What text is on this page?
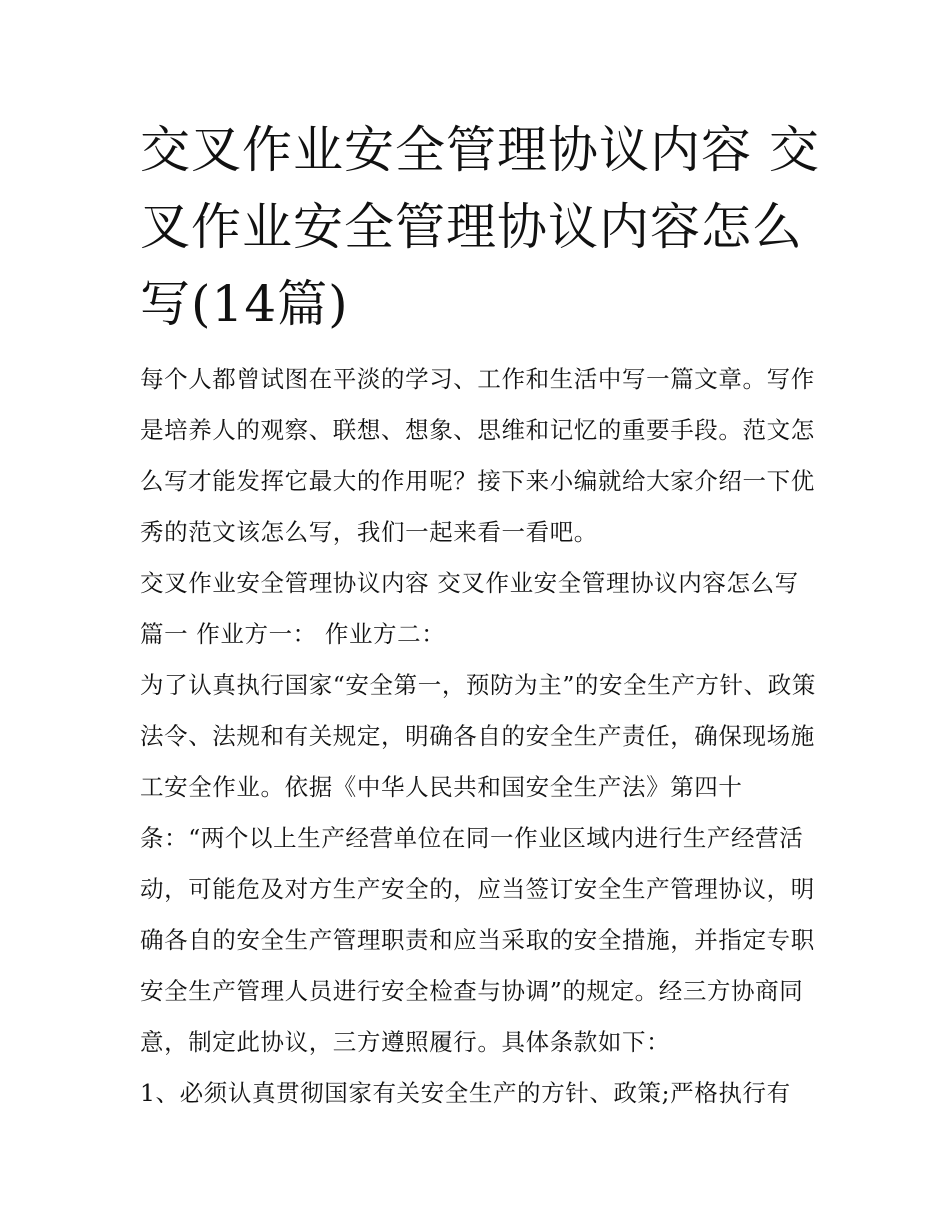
交叉作业安全管理协议内容 交叉作业安全管理协议内容怎么写(14篇)

每个人都曾试图在平淡的学习、工作和生活中写一篇文章。写作是培养人的观察、联想、想象、思维和记忆的重要手段。范文怎么写才能发挥它最大的作用呢？接下来小编就给大家介绍一下优秀的范文该怎么写，我们一起来看一看吧。

交叉作业安全管理协议内容 交叉作业安全管理协议内容怎么写篇一 作业方一： 作业方二：

为了认真执行国家“安全第一，预防为主”的安全生产方针、政策法令、法规和有关规定，明确各自的安全生产责任，确保现场施工安全作业。依据《中华人民共和国安全生产法》第四十条：“两个以上生产经营单位在同一作业区域内进行生产经营活动，可能危及对方生产安全的，应当签订安全生产管理协议，明确各自的安全生产管理职责和应当采取的安全措施，并指定专职安全生产管理人员进行安全检查与协调”的规定。经三方协商同意，制定此协议，三方遵照履行。具体条款如下：

1、必须认真贯彻国家有关安全生产的方针、政策;严格执行有
